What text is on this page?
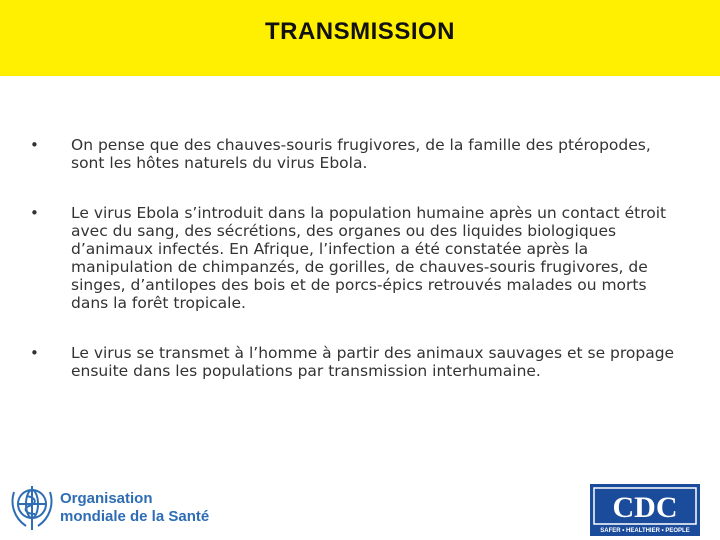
TRANSMISSION
• On pense que des chauves-souris frugivores, de la famille des ptéropodes, sont les hôtes naturels du virus Ebola.
• Le virus Ebola s’introduit dans la population humaine après un contact étroit avec du sang, des sécrétions, des organes ou des liquides biologiques d’animaux infectés. En Afrique, l’infection a été constatée après la manipulation de chimpanzés, de gorilles, de chauves-souris frugivores, de singes, d’antilopes des bois et de porcs-épics retrouvés malades ou morts dans la forêt tropicale.
• Le virus se transmet à l’homme à partir des animaux sauvages et se propage ensuite dans les populations par transmission interhumaine.
Organisation
mondiale de la Santé	CDC
SAFER • HEALTHIER • PEOPLE
